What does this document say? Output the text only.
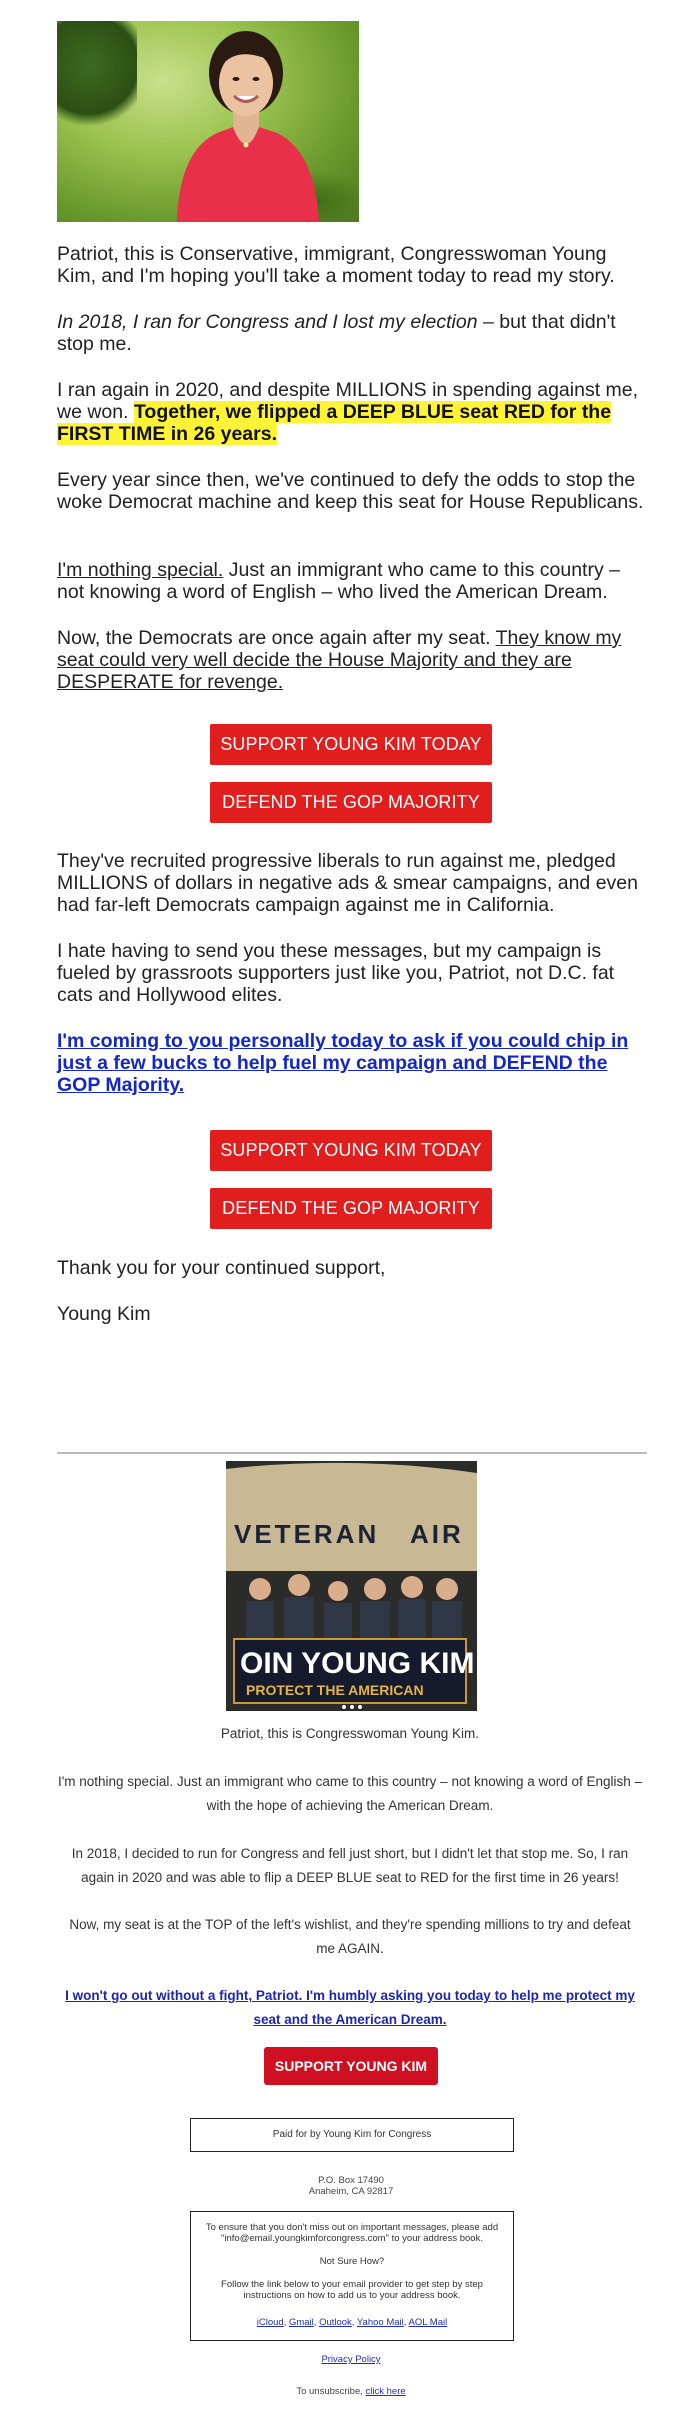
Patriot, this is Conservative, immigrant, Congresswoman Young Kim, and I'm hoping you'll take a moment today to read my story.

In 2018, I ran for Congress and I lost my election – but that didn't stop me.

I ran again in 2020, and despite MILLIONS in spending against me, we won. Together, we flipped a DEEP BLUE seat RED for the FIRST TIME in 26 years.

Every year since then, we've continued to defy the odds to stop the woke Democrat machine and keep this seat for House Republicans.

I'm nothing special. Just an immigrant who came to this country – not knowing a word of English – who lived the American Dream.

Now, the Democrats are once again after my seat. They know my seat could very well decide the House Majority and they are DESPERATE for revenge.

SUPPORT YOUNG KIM TODAY
DEFEND THE GOP MAJORITY

They've recruited progressive liberals to run against me, pledged MILLIONS of dollars in negative ads & smear campaigns, and even had far-left Democrats campaign against me in California.

I hate having to send you these messages, but my campaign is fueled by grassroots supporters just like you, Patriot, not D.C. fat cats and Hollywood elites.

I'm coming to you personally today to ask if you could chip in just a few bucks to help fuel my campaign and DEFEND the GOP Majority.

SUPPORT YOUNG KIM TODAY
DEFEND THE GOP MAJORITY

Thank you for your continued support,

Young Kim

VETERAN AIR
OIN YOUNG KIM
PROTECT THE AMERICAN

Patriot, this is Congresswoman Young Kim.

I'm nothing special. Just an immigrant who came to this country – not knowing a word of English – with the hope of achieving the American Dream.

In 2018, I decided to run for Congress and fell just short, but I didn't let that stop me. So, I ran again in 2020 and was able to flip a DEEP BLUE seat to RED for the first time in 26 years!

Now, my seat is at the TOP of the left's wishlist, and they're spending millions to try and defeat me AGAIN.

I won't go out without a fight, Patriot. I'm humbly asking you today to help me protect my seat and the American Dream.

SUPPORT YOUNG KIM
Paid for by Young Kim for Congress

P.O. Box 17490

Anaheim, CA 92817

To ensure that you don't miss out on important messages, please add "info@email.youngkimforcongress.com" to your address book.

Not Sure How?

Follow the link below to your email provider to get step by step instructions on how to add us to your address book.

iCloud, Gmail, Outlook, Yahoo Mail, AOL Mail

Privacy Policy

To unsubscribe, click here
